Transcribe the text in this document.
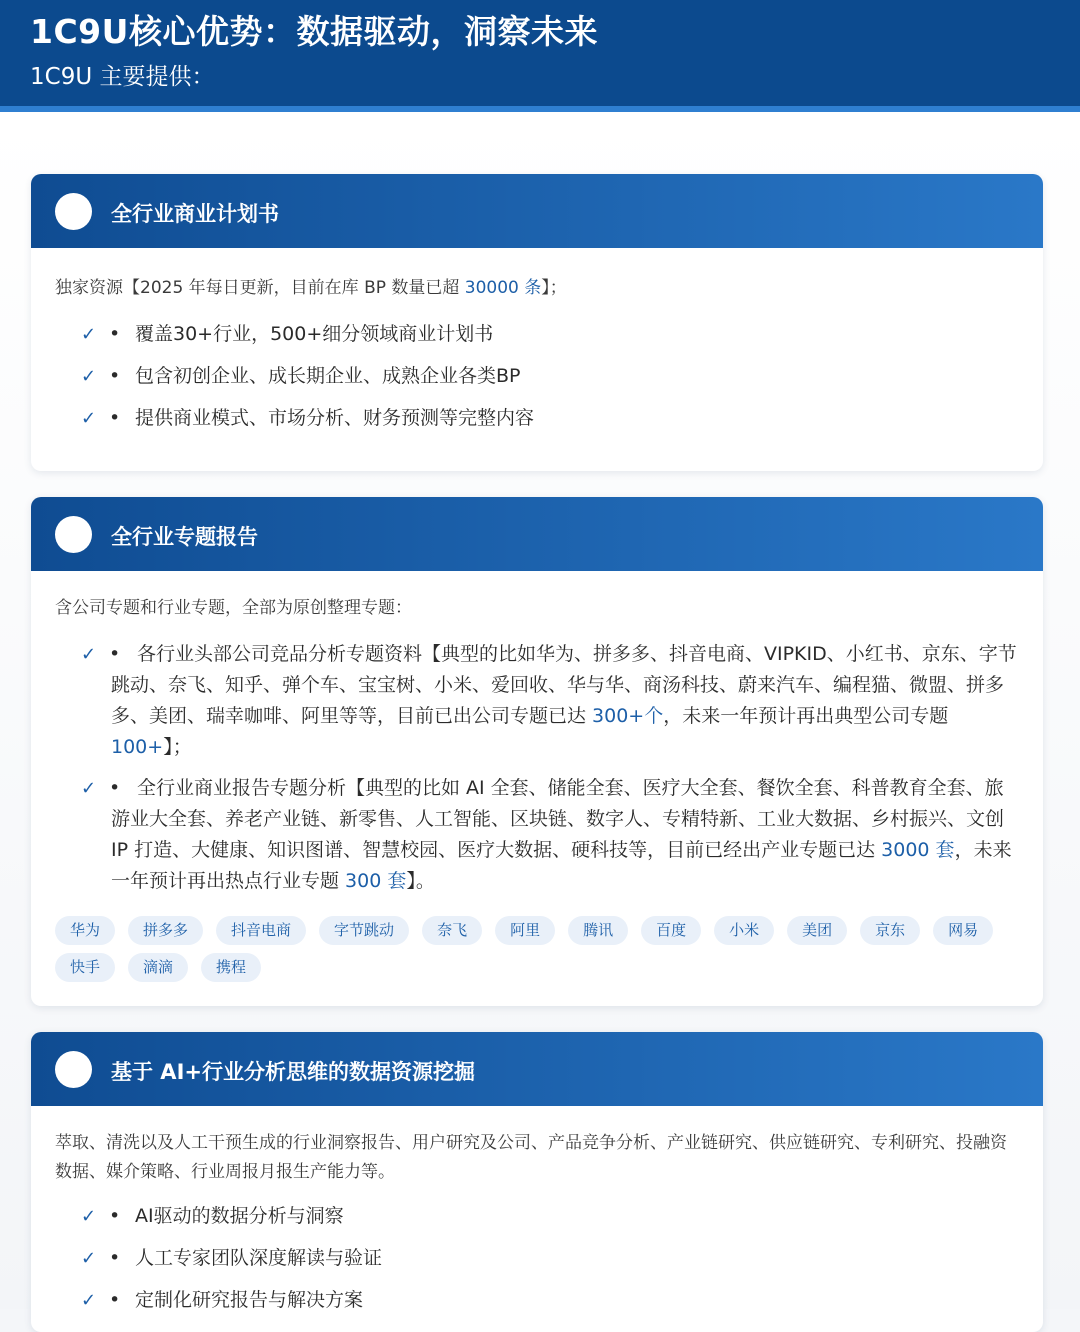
1C9U核心优势：数据驱动，洞察未来
1C9U 主要提供：
全行业商业计划书
独家资源【2025 年每日更新，目前在库 BP 数量已超 30000 条】；
✓ • 覆盖30+行业，500+细分领域商业计划书
✓ • 包含初创企业、成长期企业、成熟企业各类BP
✓ • 提供商业模式、市场分析、财务预测等完整内容
全行业专题报告
含公司专题和行业专题，全部为原创整理专题：
✓ • 各行业头部公司竞品分析专题资料【典型的比如华为、拼多多、抖音电商、VIPKID、小红书、京东、字节跳动、奈飞、知乎、弹个车、宝宝树、小米、爱回收、华与华、商汤科技、蔚来汽车、编程猫、微盟、拼多多、美团、瑞幸咖啡、阿里等等，目前已出公司专题已达 300+个，未来一年预计再出典型公司专题 100+】；
✓ • 全行业商业报告专题分析【典型的比如 AI 全套、储能全套、医疗大全套、餐饮全套、科普教育全套、旅游业大全套、养老产业链、新零售、人工智能、区块链、数字人、专精特新、工业大数据、乡村振兴、文创 IP 打造、大健康、知识图谱、智慧校园、医疗大数据、硬科技等，目前已经出产业专题已达 3000 套，未来一年预计再出热点行业专题 300 套】。
华为	拼多多	抖音电商	字节跳动	奈飞	阿里	腾讯	百度	小米	美团	京东	网易
快手	滴滴	携程
基于 AI+行业分析思维的数据资源挖掘
萃取、清洗以及人工干预生成的行业洞察报告、用户研究及公司、产品竞争分析、产业链研究、供应链研究、专利研究、投融资数据、媒介策略、行业周报月报生产能力等。
✓ • AI驱动的数据分析与洞察
✓ • 人工专家团队深度解读与验证
✓ • 定制化研究报告与解决方案
